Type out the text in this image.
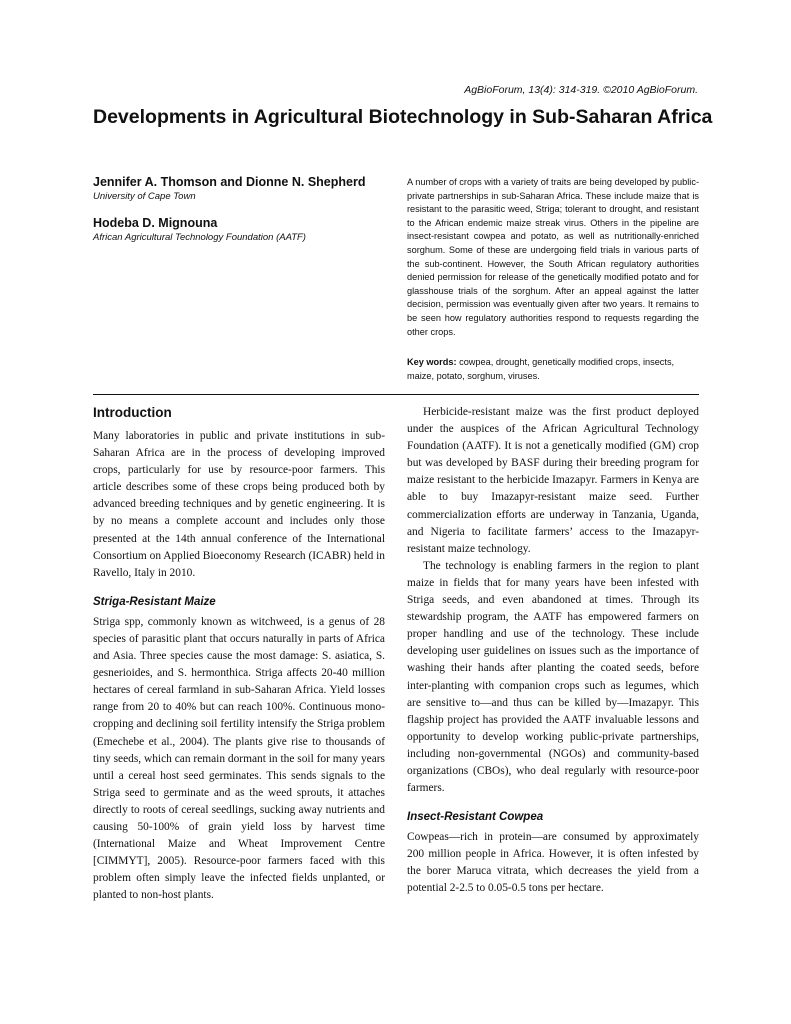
AgBioForum, 13(4): 314-319. ©2010 AgBioForum.
Developments in Agricultural Biotechnology in Sub-Saharan Africa
Jennifer A. Thomson and Dionne N. Shepherd
University of Cape Town
Hodeba D. Mignouna
African Agricultural Technology Foundation (AATF)

A number of crops with a variety of traits are being developed by public-private partnerships in sub-Saharan Africa. These include maize that is resistant to the parasitic weed, Striga; tolerant to drought, and resistant to the African endemic maize streak virus. Others in the pipeline are insect-resistant cowpea and potato, as well as nutritionally-enriched sorghum. Some of these are undergoing field trials in various parts of the sub-continent. However, the South African regulatory authorities denied permission for release of the genetically modified potato and for glasshouse trials of the sorghum. After an appeal against the latter decision, permission was eventually given after two years. It remains to be seen how regulatory authorities respond to requests regarding the other crops.

Key words: cowpea, drought, genetically modified crops, insects, maize, potato, sorghum, viruses.

Introduction

Many laboratories in public and private institutions in sub-Saharan Africa are in the process of developing improved crops, particularly for use by resource-poor farmers. This article describes some of these crops being produced both by advanced breeding techniques and by genetic engineering. It is by no means a complete account and includes only those presented at the 14th annual conference of the International Consortium on Applied Bioeconomy Research (ICABR) held in Ravello, Italy in 2010.

Striga-Resistant Maize

Striga spp, commonly known as witchweed, is a genus of 28 species of parasitic plant that occurs naturally in parts of Africa and Asia. Three species cause the most damage: S. asiatica, S. gesnerioides, and S. hermonthica. Striga affects 20-40 million hectares of cereal farmland in sub-Saharan Africa. Yield losses range from 20 to 40% but can reach 100%. Continuous mono-cropping and declining soil fertility intensify the Striga problem (Emechebe et al., 2004). The plants give rise to thousands of tiny seeds, which can remain dormant in the soil for many years until a cereal host seed germinates. This sends signals to the Striga seed to germinate and as the weed sprouts, it attaches directly to roots of cereal seedlings, sucking away nutrients and causing 50-100% of grain yield loss by harvest time (International Maize and Wheat Improvement Centre [CIMMYT], 2005). Resource-poor farmers faced with this problem often simply leave the infected fields unplanted, or planted to non-host plants.

Herbicide-resistant maize was the first product deployed under the auspices of the African Agricultural Technology Foundation (AATF). It is not a genetically modified (GM) crop but was developed by BASF during their breeding program for maize resistant to the herbicide Imazapyr. Farmers in Kenya are able to buy Imazapyr-resistant maize seed. Further commercialization efforts are underway in Tanzania, Uganda, and Nigeria to facilitate farmers’ access to the Imazapyr-resistant maize technology.

The technology is enabling farmers in the region to plant maize in fields that for many years have been infested with Striga seeds, and even abandoned at times. Through its stewardship program, the AATF has empowered farmers on proper handling and use of the technology. These include developing user guidelines on issues such as the importance of washing their hands after planting the coated seeds, before inter-planting with companion crops such as legumes, which are sensitive to—and thus can be killed by—Imazapyr. This flagship project has provided the AATF invaluable lessons and opportunity to develop working public-private partnerships, including non-governmental (NGOs) and community-based organizations (CBOs), who deal regularly with resource-poor farmers.

Insect-Resistant Cowpea

Cowpeas—rich in protein—are consumed by approximately 200 million people in Africa. However, it is often infested by the borer Maruca vitrata, which decreases the yield from a potential 2-2.5 to 0.05-0.5 tons per hectare.
